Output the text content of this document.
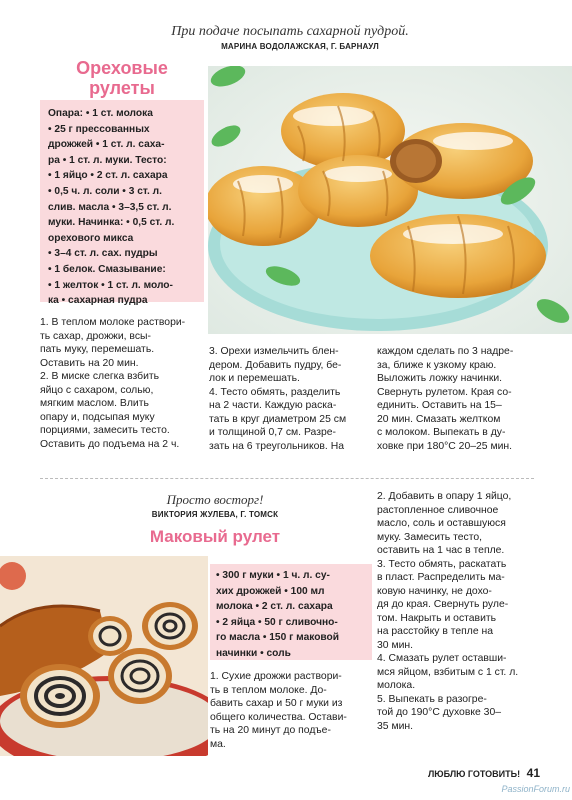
При подаче посыпать сахарной пудрой.
МАРИНА ВОДОЛАЖСКАЯ, Г. БАРНАУЛ
Ореховые
рулеты
Опара: • 1 ст. молока
• 25 г прессованных
дрожжей • 1 ст. л. саха-
ра • 1 ст. л. муки. Тесто:
• 1 яйцо • 2 ст. л. сахара
• 0,5 ч. л. соли • 3 ст. л.
слив. масла • 3–3,5 ст. л.
муки. Начинка: • 0,5 ст. л.
орехового микса
• 3–4 ст. л. сах. пудры
• 1 белок. Смазывание:
• 1 желток • 1 ст. л. моло-
ка • сахарная пудра
1. В теплом молоке раствори-
ть сахар, дрожжи, всы-
пать муку, перемешать.
Оставить на 20 мин.
2. В миске слегка взбить
яйцо с сахаром, солью,
мягким маслом. Влить
опару и, подсыпая муку
порциями, замесить тесто.
Оставить до подъема на 2 ч.
3. Орехи измельчить блен-
дером. Добавить пудру, бе-
лок и перемешать.
4. Тесто обмять, разделить
на 2 части. Каждую раска-
тать в круг диаметром 25 см
и толщиной 0,7 см. Разре-
зать на 6 треугольников. На
каждом сделать по 3 надре-
за, ближе к узкому краю.
Выложить ложку начинки.
Свернуть рулетом. Края со-
единить. Оставить на 15–
20 мин. Смазать желтком
с молоком. Выпекать в ду-
ховке при 180°С 20–25 мин.
Просто восторг!
ВИКТОРИЯ ЖУЛЕВА, Г. ТОМСК
Маковый рулет
• 300 г муки • 1 ч. л. су-
хих дрожжей • 100 мл
молока • 2 ст. л. сахара
• 2 яйца • 50 г сливочно-
го масла • 150 г маковой
начинки • соль
1. Сухие дрожжи раствори-
ть в теплом молоке. До-
бавить сахар и 50 г муки из
общего количества. Остави-
ть на 20 минут до подъе-
ма.
2. Добавить в опару 1 яйцо,
растопленное сливочное
масло, соль и оставшуюся
муку. Замесить тесто,
оставить на 1 час в тепле.
3. Тесто обмять, раскатать
в пласт. Распределить ма-
ковую начинку, не дохо-
дя до края. Свернуть руле-
том. Накрыть и оставить
на расстойку в тепле на
30 мин.
4. Смазать рулет оставши-
мся яйцом, взбитым с 1 ст. л.
молока.
5. Выпекать в разогре-
той до 190°С духовке 30–
35 мин.
ЛЮБЛЮ ГОТОВИТЬ! 41
PassionForum.ru
